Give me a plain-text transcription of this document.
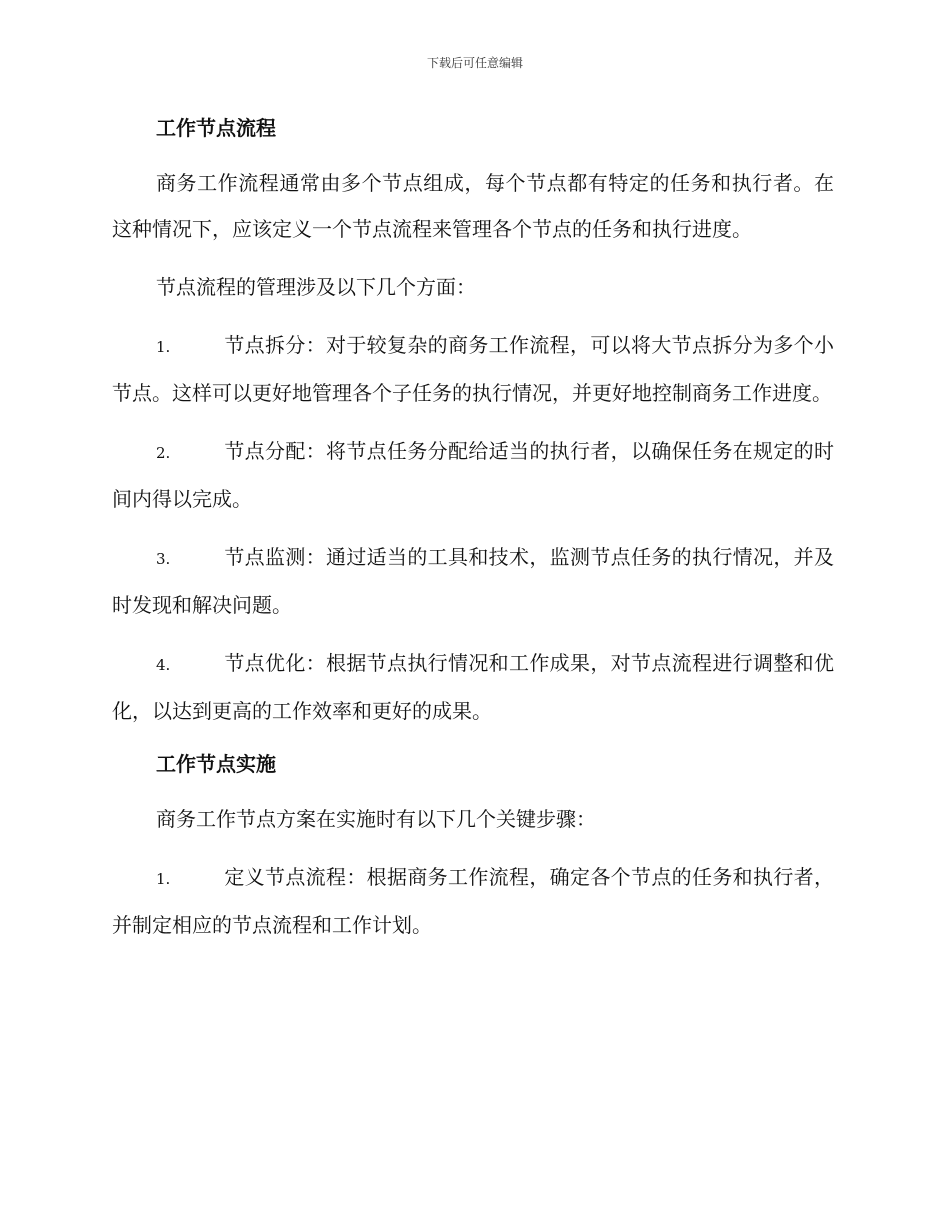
下载后可任意编辑
工作节点流程

商务工作流程通常由多个节点组成，每个节点都有特定的任务和执行者。在这种情况下，应该定义一个节点流程来管理各个节点的任务和执行进度。

节点流程的管理涉及以下几个方面：

1.	节点拆分：对于较复杂的商务工作流程，可以将大节点拆分为多个小节点。这样可以更好地管理各个子任务的执行情况，并更好地控制商务工作进度。

2.	节点分配：将节点任务分配给适当的执行者，以确保任务在规定的时间内得以完成。

3.	节点监测：通过适当的工具和技术，监测节点任务的执行情况，并及时发现和解决问题。

4.	节点优化：根据节点执行情况和工作成果，对节点流程进行调整和优化，以达到更高的工作效率和更好的成果。

工作节点实施

商务工作节点方案在实施时有以下几个关键步骤：

1.	定义节点流程：根据商务工作流程，确定各个节点的任务和执行者，并制定相应的节点流程和工作计划。
